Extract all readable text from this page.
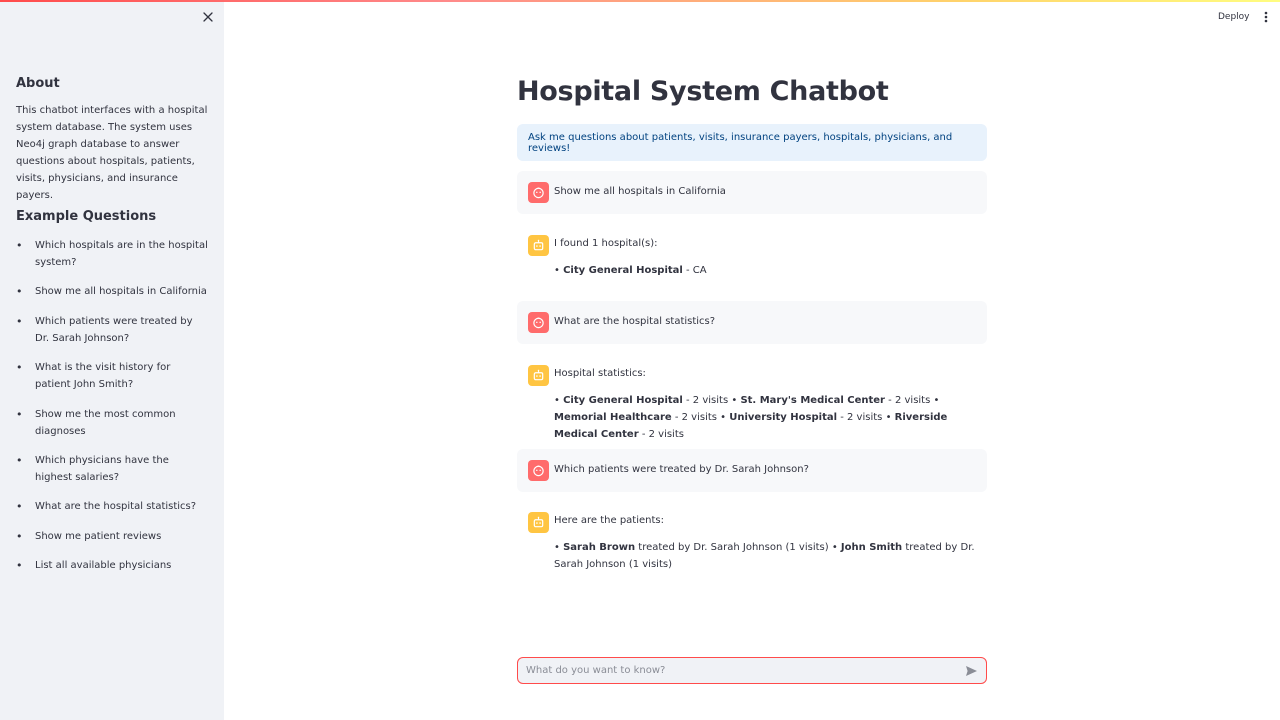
About

This chatbot interfaces with a hospital system database. The system uses Neo4j graph database to answer questions about hospitals, patients, visits, physicians, and insurance payers.

Example Questions
• Which hospitals are in the hospital system?
• Show me all hospitals in California
• Which patients were treated by Dr. Sarah Johnson?
• What is the visit history for patient John Smith?
• Show me the most common diagnoses
• Which physicians have the highest salaries?
• What are the hospital statistics?
• Show me patient reviews
• List all available physicians
Deploy
Hospital System Chatbot
Ask me questions about patients, visits, insurance payers, hospitals, physicians, and reviews!

Show me all hospitals in California

I found 1 hospital(s):

• City General Hospital - CA

What are the hospital statistics?

Hospital statistics:

• City General Hospital - 2 visits • St. Mary's Medical Center - 2 visits • Memorial Healthcare - 2 visits • University Hospital - 2 visits • Riverside Medical Center - 2 visits

Which patients were treated by Dr. Sarah Johnson?

Here are the patients:

• Sarah Brown treated by Dr. Sarah Johnson (1 visits) • John Smith treated by Dr. Sarah Johnson (1 visits)

What do you want to know?
